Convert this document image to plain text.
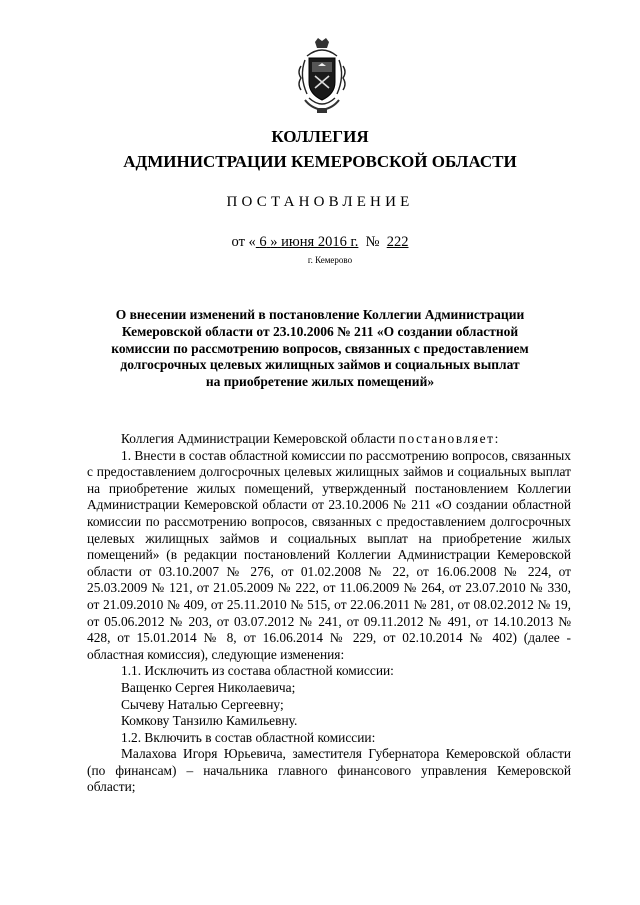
КОЛЛЕГИЯ
АДМИНИСТРАЦИИ КЕМЕРОВСКОЙ ОБЛАСТИ
ПОСТАНОВЛЕНИЕ
от « 6 » июня 2016 г. № 222
г. Кемерово
О внесении изменений в постановление Коллегии Администрации
Кемеровской области от 23.10.2006 № 211 «О создании областной
комиссии по рассмотрению вопросов, связанных с предоставлением
долгосрочных целевых жилищных займов и социальных выплат
на приобретение жилых помещений»

Коллегия Администрации Кемеровской области постановляет:

1. Внести в состав областной комиссии по рассмотрению вопросов, связанных с предоставлением долгосрочных целевых жилищных займов и социальных выплат на приобретение жилых помещений, утвержденный постановлением Коллегии Администрации Кемеровской области от 23.10.2006 № 211 «О создании областной комиссии по рассмотрению вопросов, связанных с предоставлением долгосрочных целевых жилищных займов и социальных выплат на приобретение жилых помещений» (в редакции постановлений Коллегии Администрации Кемеровской области от 03.10.2007 № 276, от 01.02.2008 № 22, от 16.06.2008 № 224, от 25.03.2009 № 121, от 21.05.2009 № 222, от 11.06.2009 № 264, от 23.07.2010 № 330, от 21.09.2010 № 409, от 25.11.2010 № 515, от 22.06.2011 № 281, от 08.02.2012 № 19, от 05.06.2012 № 203, от 03.07.2012 № 241, от 09.11.2012 № 491, от 14.10.2013 № 428, от 15.01.2014 № 8, от 16.06.2014 № 229, от 02.10.2014 № 402) (далее - областная комиссия), следующие изменения:

1.1. Исключить из состава областной комиссии:

Ващенко Сергея Николаевича;

Сычеву Наталью Сергеевну;

Комкову Танзилю Камильевну.

1.2. Включить в состав областной комиссии:

Малахова Игоря Юрьевича, заместителя Губернатора Кемеровской области (по финансам) – начальника главного финансового управления Кемеровской области;
